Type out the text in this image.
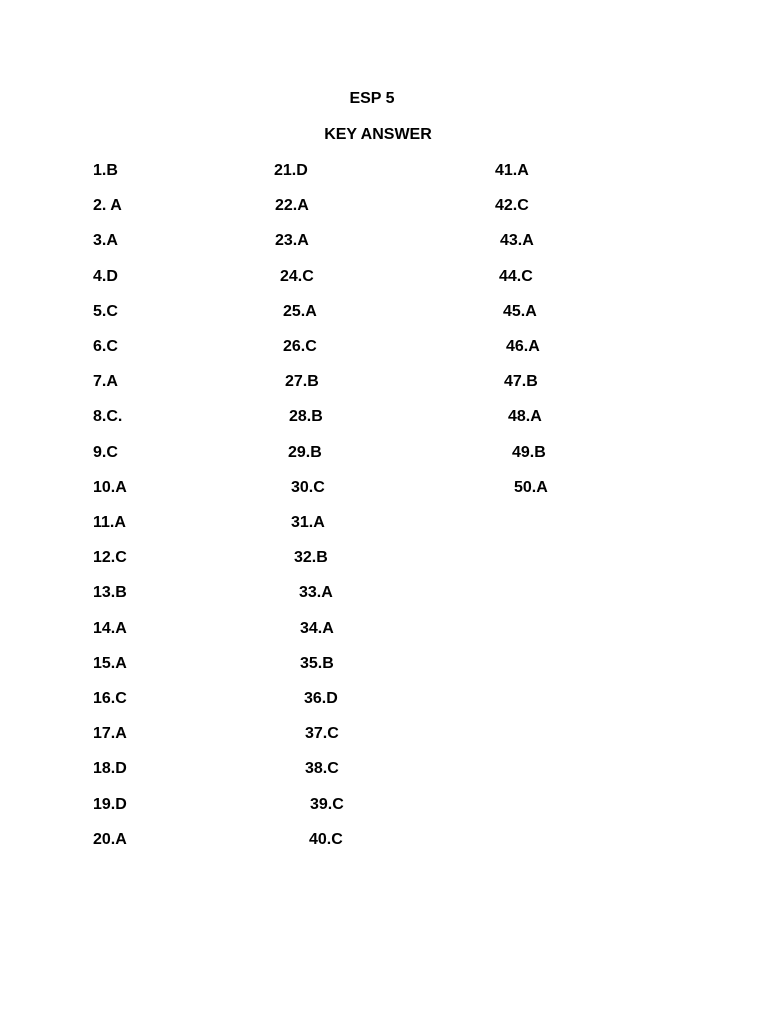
ESP 5
KEY ANSWER
1.B
2. A
3.A
4.D
5.C
6.C
7.A
8.C.
9.C
10.A
11.A
12.C
13.B
14.A
15.A
16.C
17.A
18.D
19.D
20.A
21.D
22.A
23.A
24.C
25.A
26.C
27.B
28.B
29.B
30.C
31.A
32.B
33.A
34.A
35.B
36.D
37.C
38.C
39.C
40.C
41.A
42.C
43.A
44.C
45.A
46.A
47.B
48.A
49.B
50.A
